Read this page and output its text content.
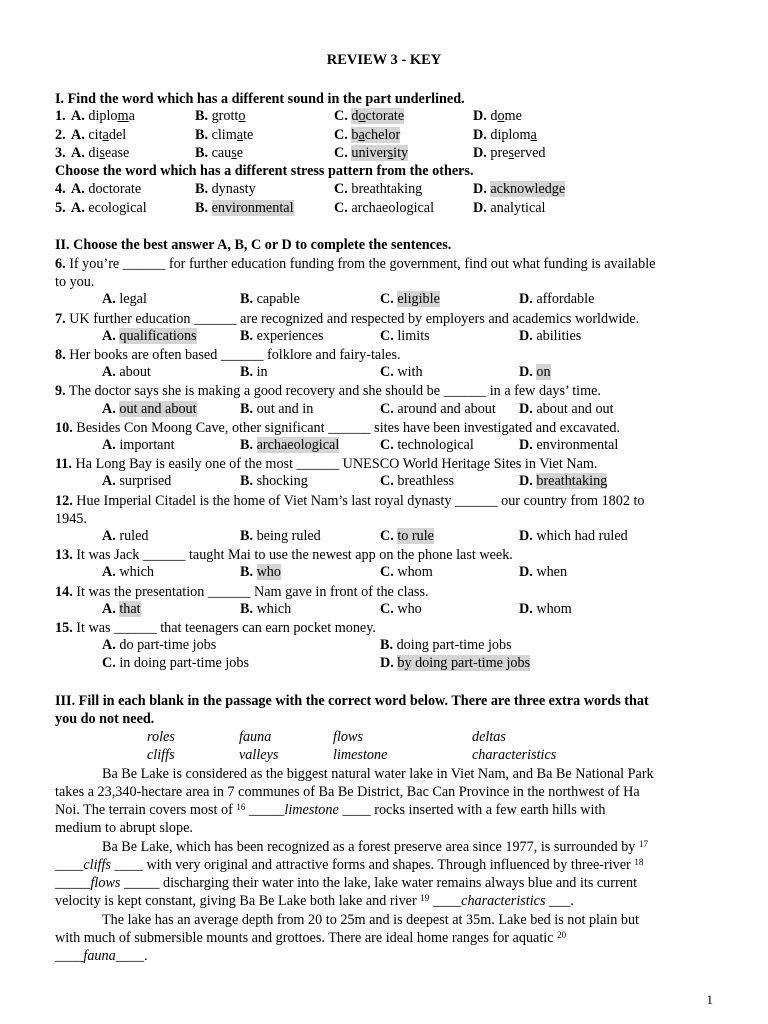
REVIEW 3 - KEY
I. Find the word which has a different sound in the part underlined.
1. A. diploma	B. grotto	C. doctorate	D. dome
2. A. citadel	B. climate	C. bachelor	D. diploma
3. A. disease	B. cause	C. university	D. preserved
Choose the word which has a different stress pattern from the others.
4. A. doctorate	B. dynasty	C. breathtaking	D. acknowledge
5. A. ecological	B. environmental	C. archaeological	D. analytical
II. Choose the best answer A, B, C or D to complete the sentences.
6. If you’re ______ for further education funding from the government, find out what funding is available
to you.
A. legal	B. capable	C. eligible	D. affordable
7. UK further education ______ are recognized and respected by employers and academics worldwide.
A. qualifications	B. experiences	C. limits	D. abilities
8. Her books are often based ______ folklore and fairy-tales.
A. about	B. in	C. with	D. on
9. The doctor says she is making a good recovery and she should be ______ in a few days’ time.
A. out and about	B. out and in	C. around and about D. about and out
10. Besides Con Moong Cave, other significant ______ sites have been investigated and excavated.
A. important	B. archaeological	C. technological	D. environmental
11. Ha Long Bay is easily one of the most ______ UNESCO World Heritage Sites in Viet Nam.
A. surprised	B. shocking	C. breathless	D. breathtaking
12. Hue Imperial Citadel is the home of Viet Nam’s last royal dynasty ______ our country from 1802 to
1945.
A. ruled	B. being ruled	C. to rule	D. which had ruled
13. It was Jack ______ taught Mai to use the newest app on the phone last week.
A. which	B. who	C. whom	D. when
14. It was the presentation ______ Nam gave in front of the class.
A. that	B. which	C. who	D. whom
15. It was ______ that teenagers can earn pocket money.
A. do part-time jobs	B. doing part-time jobs
C. in doing part-time jobs	D. by doing part-time jobs
III. Fill in each blank in the passage with the correct word below. There are three extra words that
you do not need.
roles	fauna	flows	deltas
cliffs	valleys	limestone	characteristics
Ba Be Lake is considered as the biggest natural water lake in Viet Nam, and Ba Be National Park
takes a 23,340-hectare area in 7 communes of Ba Be District, Bac Can Province in the northwest of Ha
Noi. The terrain covers most of $^{16}$ _____limestone ____ rocks inserted with a few earth hills with
medium to abrupt slope.
Ba Be Lake, which has been recognized as a forest preserve area since 1977, is surrounded by $^{17}$
____cliffs ____ with very original and attractive forms and shapes. Through influenced by three-river $^{18}$
_____flows _____ discharging their water into the lake, lake water remains always blue and its current
velocity is kept constant, giving Ba Be Lake both lake and river $^{19}$ ____characteristics ___.
The lake has an average depth from 20 to 25m and is deepest at 35m. Lake bed is not plain but
with much of submersible mounts and grottoes. There are ideal home ranges for aquatic $^{20}$
____fauna____.
1
